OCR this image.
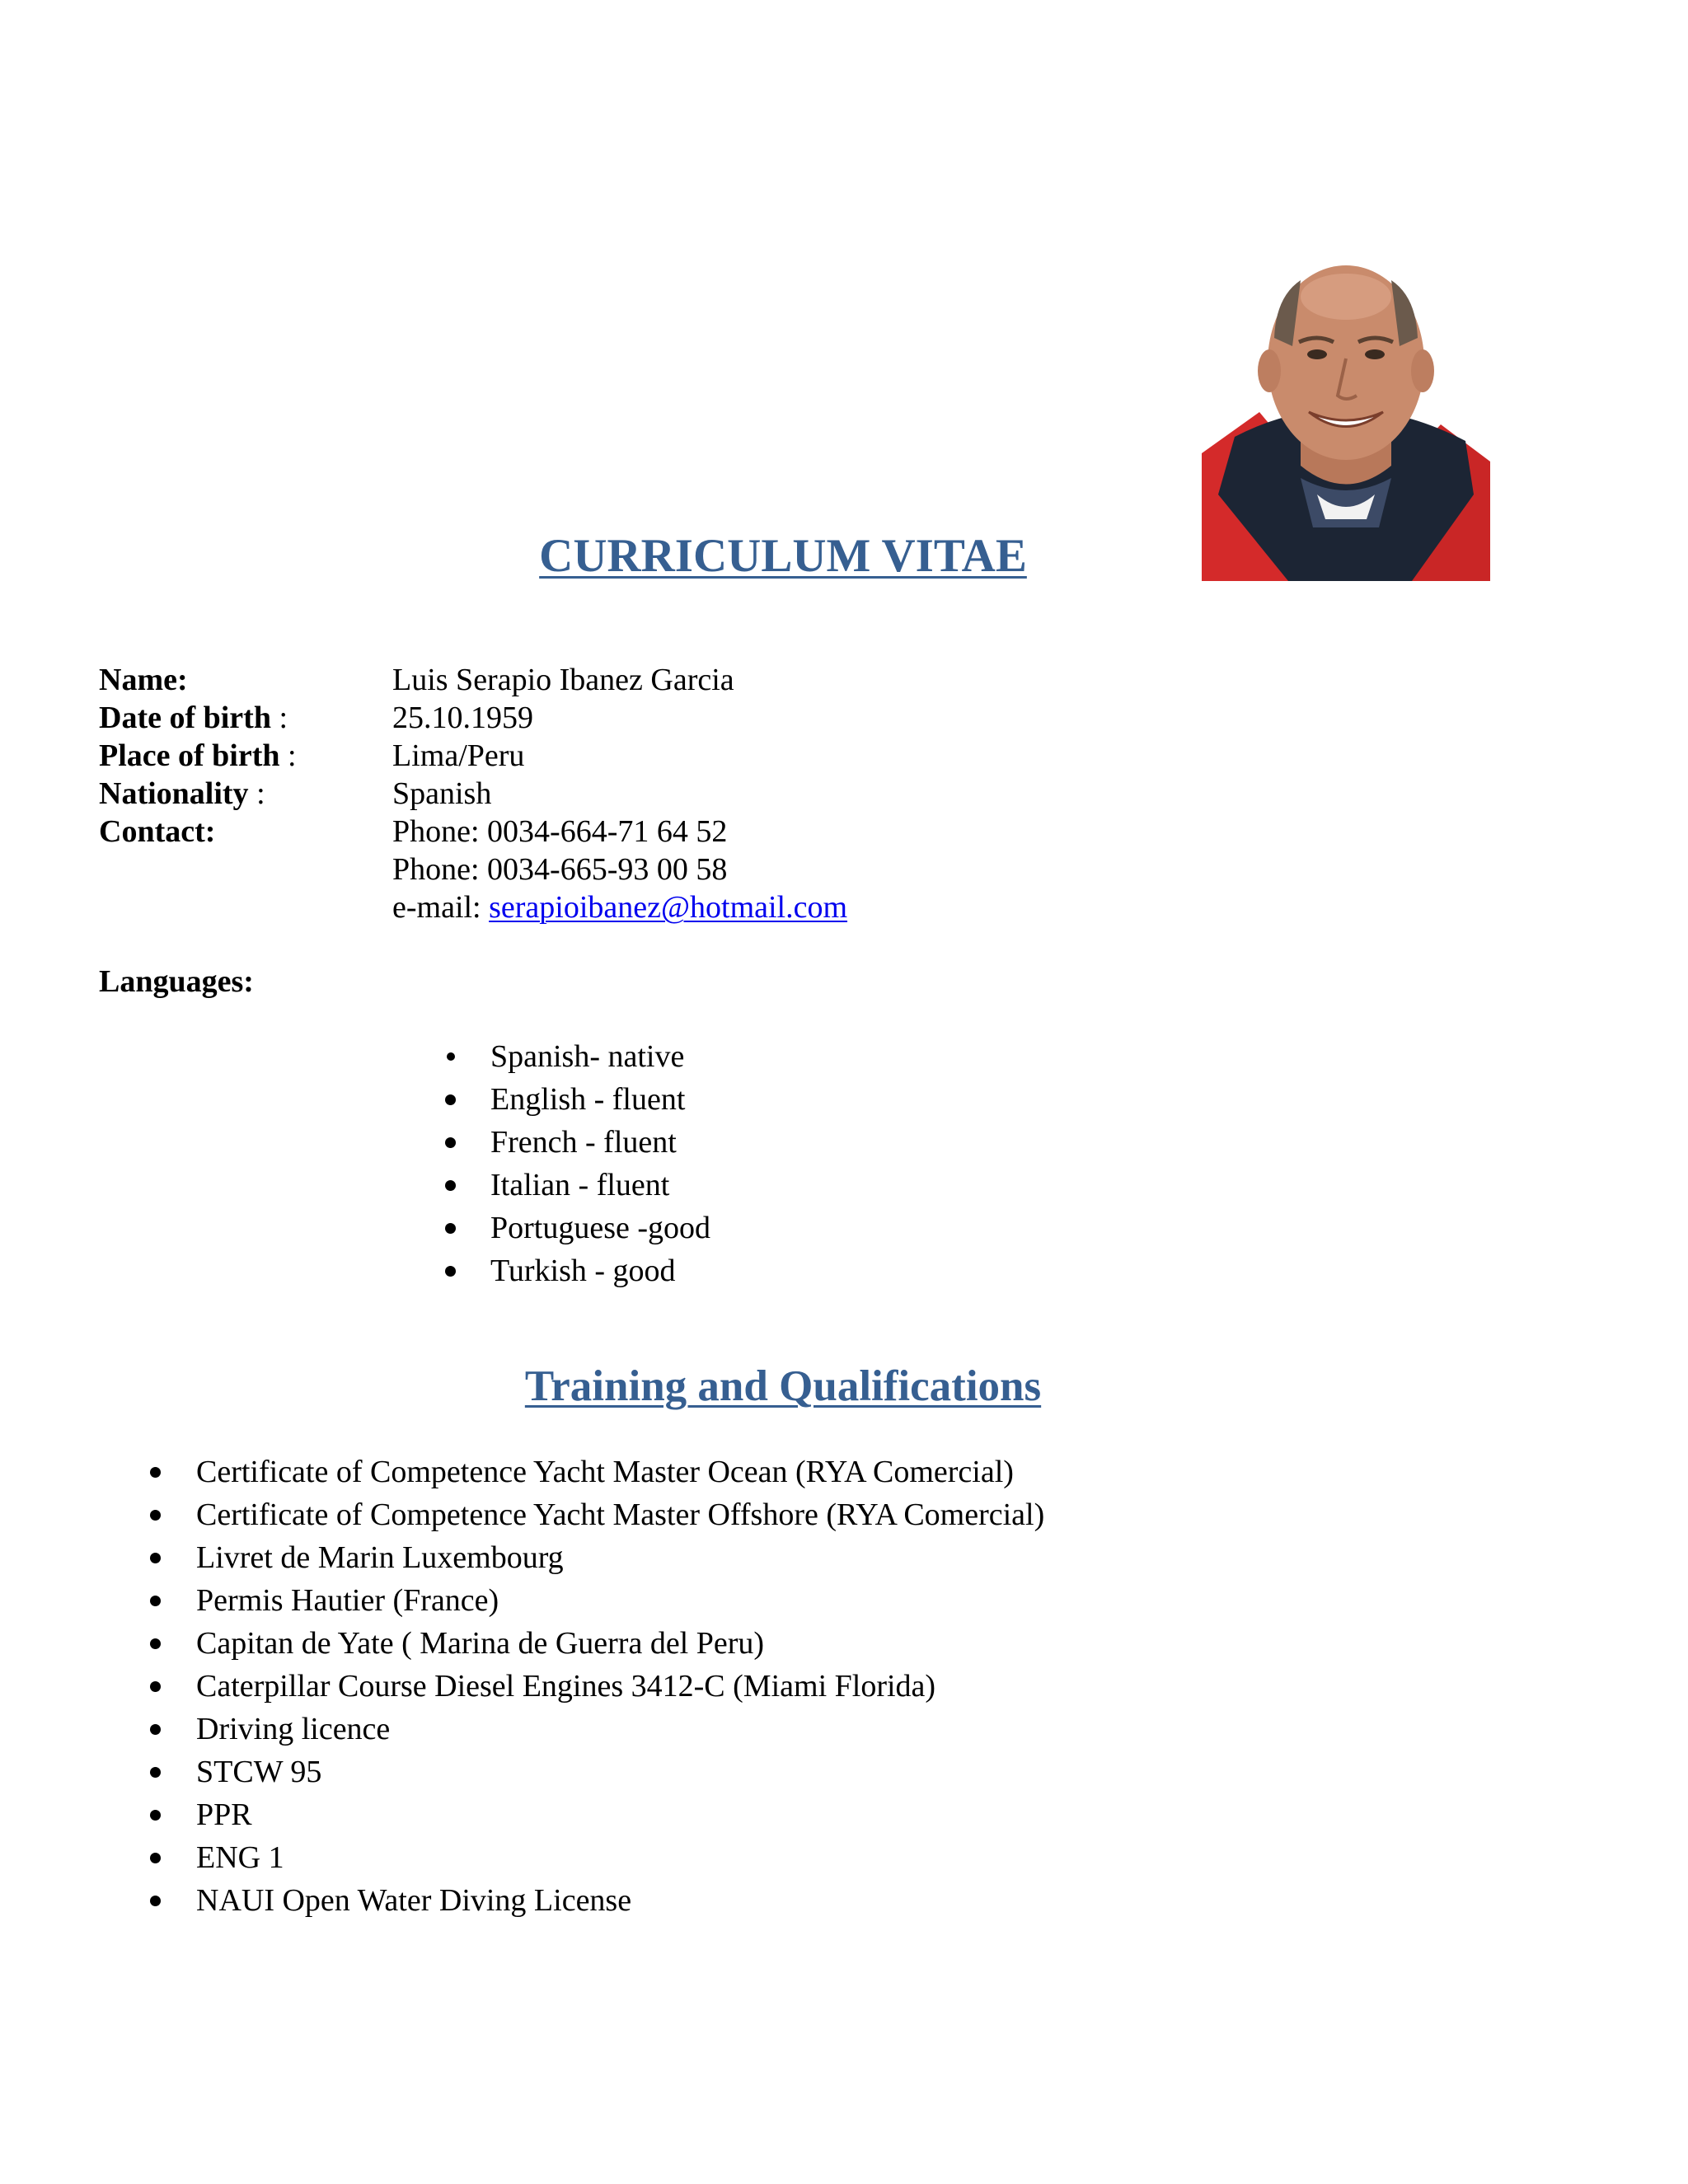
CURRICULUM VITAE
Name:	Luis Serapio Ibanez Garcia
Date of birth :	25.10.1959
Place of birth :	Lima/Peru
Nationality :	Spanish
Contact:	Phone: 0034-664-71 64 52
Phone: 0034-665-93 00 58
e-mail: serapioibanez@hotmail.com
Languages:
Spanish- native
English - fluent
French - fluent
Italian - fluent
Portuguese -good
Turkish - good
Training and Qualifications
Certificate of Competence Yacht Master Ocean (RYA Comercial)
Certificate of Competence Yacht Master Offshore (RYA Comercial)
Livret de Marin Luxembourg
Permis Hautier (France)
Capitan de Yate ( Marina de Guerra del Peru)
Caterpillar Course Diesel Engines 3412-C (Miami Florida)
Driving licence
STCW 95
PPR
ENG 1
NAUI Open Water Diving License
